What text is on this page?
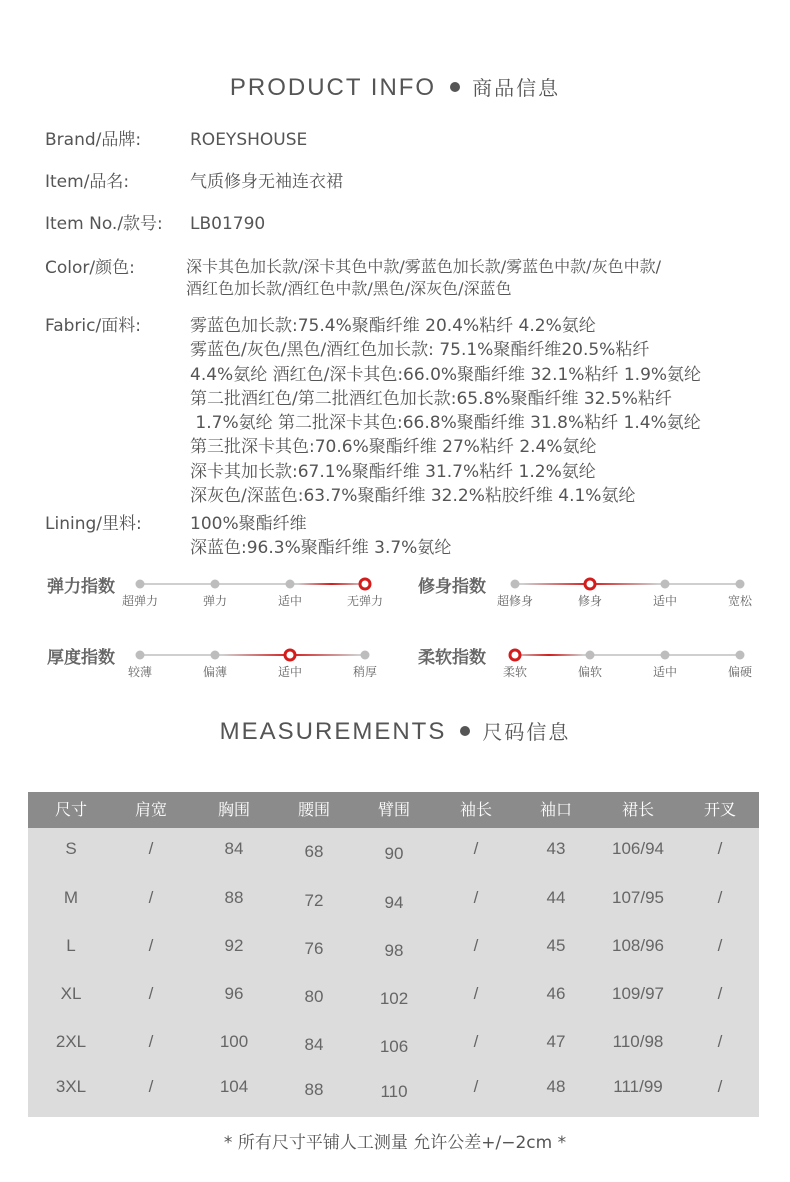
PRODUCT INFO 商品信息
Brand/品牌:	ROEYSHOUSE
Item/品名:	气质修身无袖连衣裙
Item No./款号: LB01790
Color/颜色:	深卡其色加长款/深卡其色中款/雾蓝色加长款/雾蓝色中款/灰色中款/
酒红色加长款/酒红色中款/黑色/深灰色/深蓝色
Fabric/面料:	雾蓝色加长款:75.4%聚酯纤维 20.4%粘纤 4.2%氨纶
雾蓝色/灰色/黑色/酒红色加长款: 75.1%聚酯纤维20.5%粘纤
4.4%氨纶 酒红色/深卡其色:66.0%聚酯纤维 32.1%粘纤 1.9%氨纶
第二批酒红色/第二批酒红色加长款:65.8%聚酯纤维 32.5%粘纤
1.7%氨纶 第二批深卡其色:66.8%聚酯纤维 31.8%粘纤 1.4%氨纶
第三批深卡其色:70.6%聚酯纤维 27%粘纤 2.4%氨纶
深卡其加长款:67.1%聚酯纤维 31.7%粘纤 1.2%氨纶
深灰色/深蓝色:63.7%聚酯纤维 32.2%粘胶纤维 4.1%氨纶
Lining/里料:	100%聚酯纤维
深蓝色:96.3%聚酯纤维 3.7%氨纶
MEASUREMENTS 尺码信息
尺寸	肩宽	胸围	腰围	臂围	袖长	袖口	裙长	开叉
S	/	84	68	90	/	43	106/94	/
M	/	88	72	94	/	44	107/95	/
L	/	92	76	98	/	45	108/96	/
XL	/	96	80	102	/	46	109/97	/
2XL	/	100	84	106	/	47	110/98	/
3XL	/	104	88	110	/	48	111/99	/
* 所有尺寸平铺人工测量 允许公差+/−2cm *
弹力指数
超弹力	弹力	适中	无弹力
修身指数
超修身	修身	适中	宽松
厚度指数
较薄	偏薄	适中	稍厚
柔软指数
柔软	偏软	适中	偏硬
